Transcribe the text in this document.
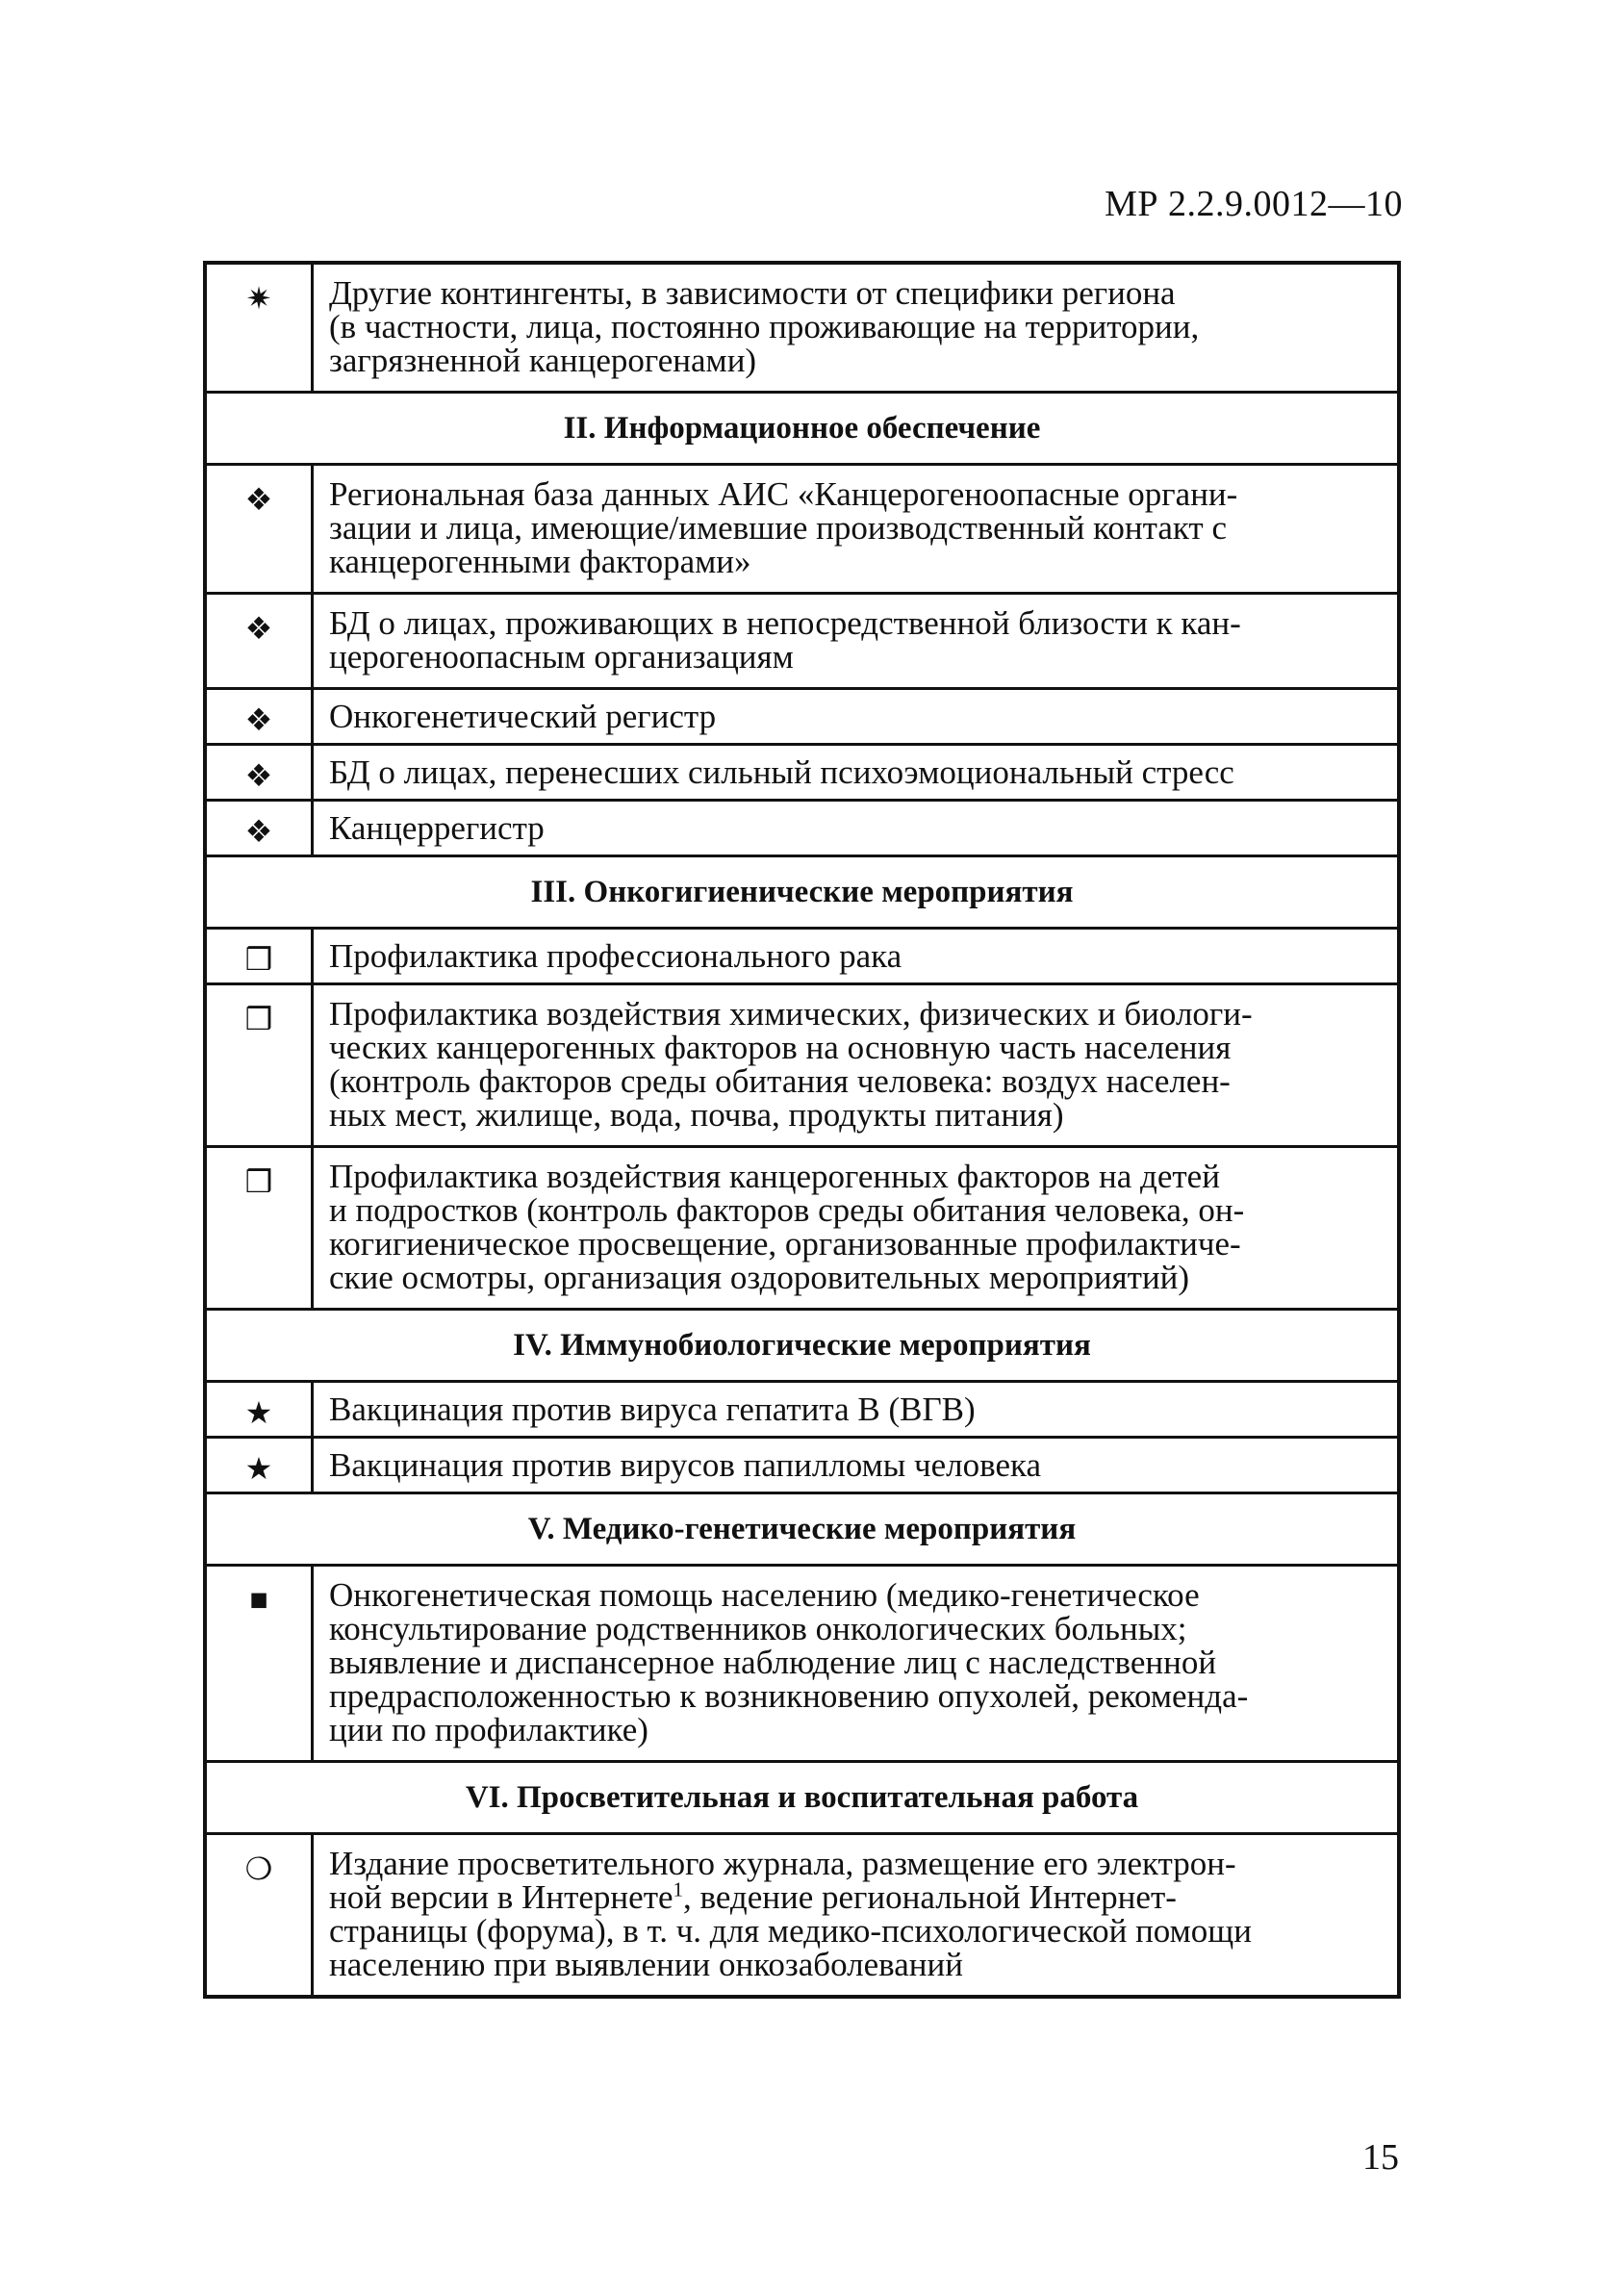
МР 2.2.9.0012—10
✷	Другие контингенты, в зависимости от специфики региона
(в частности, лица, постоянно проживающие на территории,
загрязненной канцерогенами)

II. Информационное обеспечение	
❖	Региональная база данных АИС «Канцерогеноопасные органи-
зации и лица, имеющие/имевшие производственный контакт с
канцерогенными факторами»

❖	БД о лицах, проживающих в непосредственной близости к кан-
церогеноопасным организациям

❖	Онкогенетический регистр

❖	БД о лицах, перенесших сильный психоэмоциональный стресс

❖	Канцеррегистр

III. Онкогигиенические мероприятия	
❒	Профилактика профессионального рака

❒	Профилактика воздействия химических, физических и биологи-
ческих канцерогенных факторов на основную часть населения
(контроль факторов среды обитания человека: воздух населен-
ных мест, жилище, вода, почва, продукты питания)

❒	Профилактика воздействия канцерогенных факторов на детей
и подростков (контроль факторов среды обитания человека, он-
когигиеническое просвещение, организованные профилактиче-
ские осмотры, организация оздоровительных мероприятий)

IV. Иммунобиологические мероприятия	
★	Вакцинация против вируса гепатита В (ВГВ)

★	Вакцинация против вирусов папилломы человека

V. Медико-генетические мероприятия	
■	Онкогенетическая помощь населению (медико-генетическое
консультирование родственников онкологических больных;
выявление и диспансерное наблюдение лиц с наследственной
предрасположенностью к возникновению опухолей, рекоменда-
ции по профилактике)

VI. Просветительная и воспитательная работа	
❍	Издание просветительного журнала, размещение его электрон-
ной версии в Интернете$^1$, ведение региональной Интернет-
страницы (форума), в т. ч. для медико-психологической помощи
населению при выявлении онкозаболеваний
15
